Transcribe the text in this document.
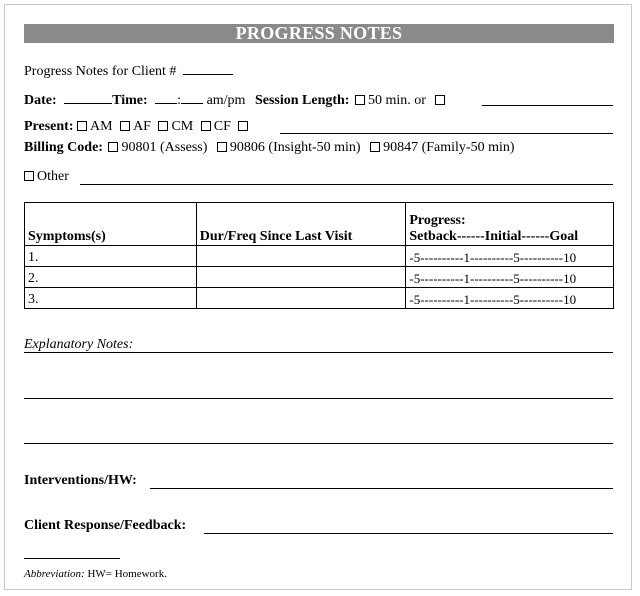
PROGRESS NOTES
Progress Notes for Client #
Date:	Time: : am/pm Session Length: 50 min. or
Present: AM AF CM CF
Billing Code: 90801 (Assess) 90806 (Insight-50 min) 90847 (Family-50 min)
Other
Symptoms(s)	Dur/Freq Since Last Visit	Progress:
Setback------Initial------Goal

1.		-5----------1----------5----------10
2.		-5----------1----------5----------10
3.		-5----------1----------5----------10
Explanatory Notes:
Interventions/HW:
Client Response/Feedback:
Abbreviation: HW= Homework.
